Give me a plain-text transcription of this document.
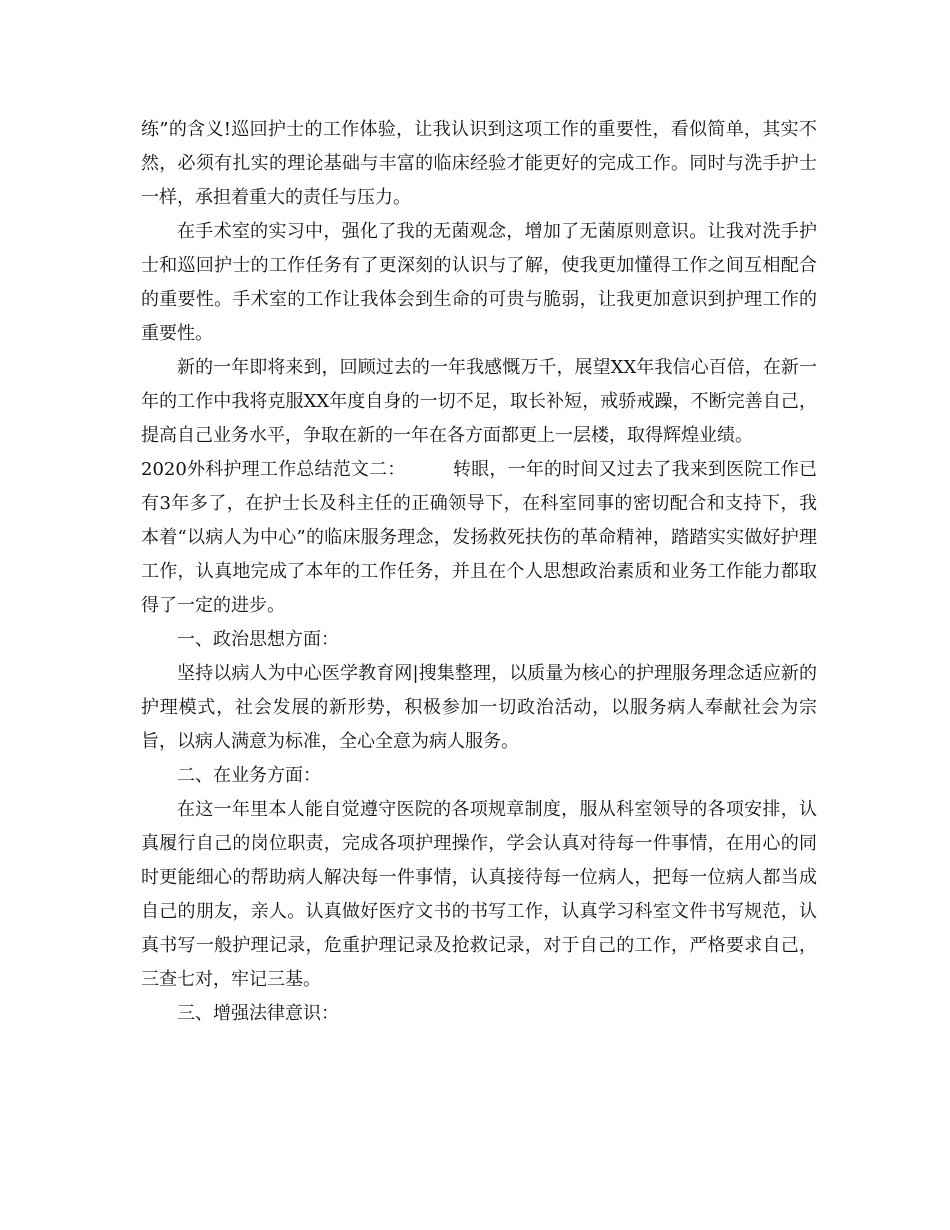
练”的含义!巡回护士的工作体验，让我认识到这项工作的重要性，看似简单，其实不然，必须有扎实的理论基础与丰富的临床经验才能更好的完成工作。同时与洗手护士一样，承担着重大的责任与压力。

在手术室的实习中，强化了我的无菌观念，增加了无菌原则意识。让我对洗手护士和巡回护士的工作任务有了更深刻的认识与了解，使我更加懂得工作之间互相配合的重要性。手术室的工作让我体会到生命的可贵与脆弱，让我更加意识到护理工作的重要性。

新的一年即将来到，回顾过去的一年我感慨万千，展望XX年我信心百倍，在新一年的工作中我将克服XX年度自身的一切不足，取长补短，戒骄戒躁，不断完善自己，提高自己业务水平，争取在新的一年在各方面都更上一层楼，取得辉煌业绩。

2020外科护理工作总结范文二：        转眼，一年的时间又过去了我来到医院工作已有3年多了，在护士长及科主任的正确领导下，在科室同事的密切配合和支持下，我本着“以病人为中心”的临床服务理念，发扬救死扶伤的革命精神，踏踏实实做好护理工作，认真地完成了本年的工作任务，并且在个人思想政治素质和业务工作能力都取得了一定的进步。

一、政治思想方面：

坚持以病人为中心医学教育网|搜集整理，以质量为核心的护理服务理念适应新的护理模式，社会发展的新形势，积极参加一切政治活动，以服务病人奉献社会为宗旨，以病人满意为标准，全心全意为病人服务。

二、在业务方面：

在这一年里本人能自觉遵守医院的各项规章制度，服从科室领导的各项安排，认真履行自己的岗位职责，完成各项护理操作，学会认真对待每一件事情，在用心的同时更能细心的帮助病人解决每一件事情，认真接待每一位病人，把每一位病人都当成自己的朋友，亲人。认真做好医疗文书的书写工作，认真学习科室文件书写规范，认真书写一般护理记录，危重护理记录及抢救记录，对于自己的工作，严格要求自己，三查七对，牢记三基。

三、增强法律意识：
